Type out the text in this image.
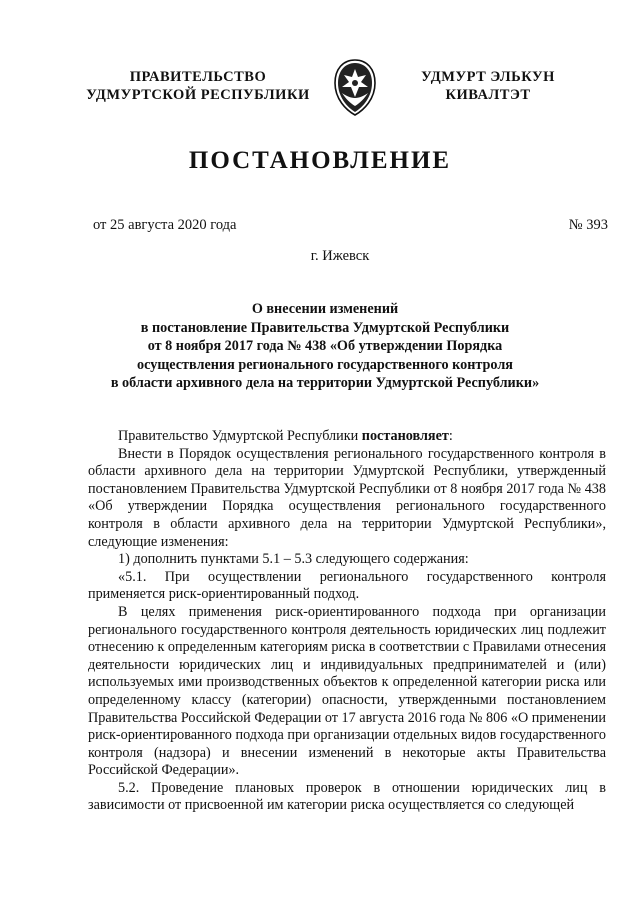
ПРАВИТЕЛЬСТВО
УДМУРТСКОЙ РЕСПУБЛИКИ
УДМУРТ ЭЛЬКУН
КИВАЛТЭТ
ПОСТАНОВЛЕНИЕ
от 25 августа 2020 года	№ 393
г. Ижевск
О внесении изменений
в постановление Правительства Удмуртской Республики
от 8 ноября 2017 года № 438 «Об утверждении Порядка
осуществления регионального государственного контроля
в области архивного дела на территории Удмуртской Республики»

Правительство Удмуртской Республики постановляет:

Внести в Порядок осуществления регионального государственного контроля в области архивного дела на территории Удмуртской Республики, утвержденный постановлением Правительства Удмуртской Республики от 8 ноября 2017 года № 438 «Об утверждении Порядка осуществления регионального государственного контроля в области архивного дела на территории Удмуртской Республики», следующие изменения:

1) дополнить пунктами 5.1 – 5.3 следующего содержания:

«5.1. При осуществлении регионального государственного контроля применяется риск-ориентированный подход.

В целях применения риск-ориентированного подхода при организации регионального государственного контроля деятельность юридических лиц подлежит отнесению к определенным категориям риска в соответствии с Правилами отнесения деятельности юридических лиц и индивидуальных предпринимателей и (или) используемых ими производственных объектов к определенной категории риска или определенному классу (категории) опасности, утвержденными постановлением Правительства Российской Федерации от 17 августа 2016 года № 806 «О применении риск-ориентированного подхода при организации отдельных видов государственного контроля (надзора) и внесении изменений в некоторые акты Правительства Российской Федерации».

5.2. Проведение плановых проверок в отношении юридических лиц в зависимости от присвоенной им категории риска осуществляется со следующей
